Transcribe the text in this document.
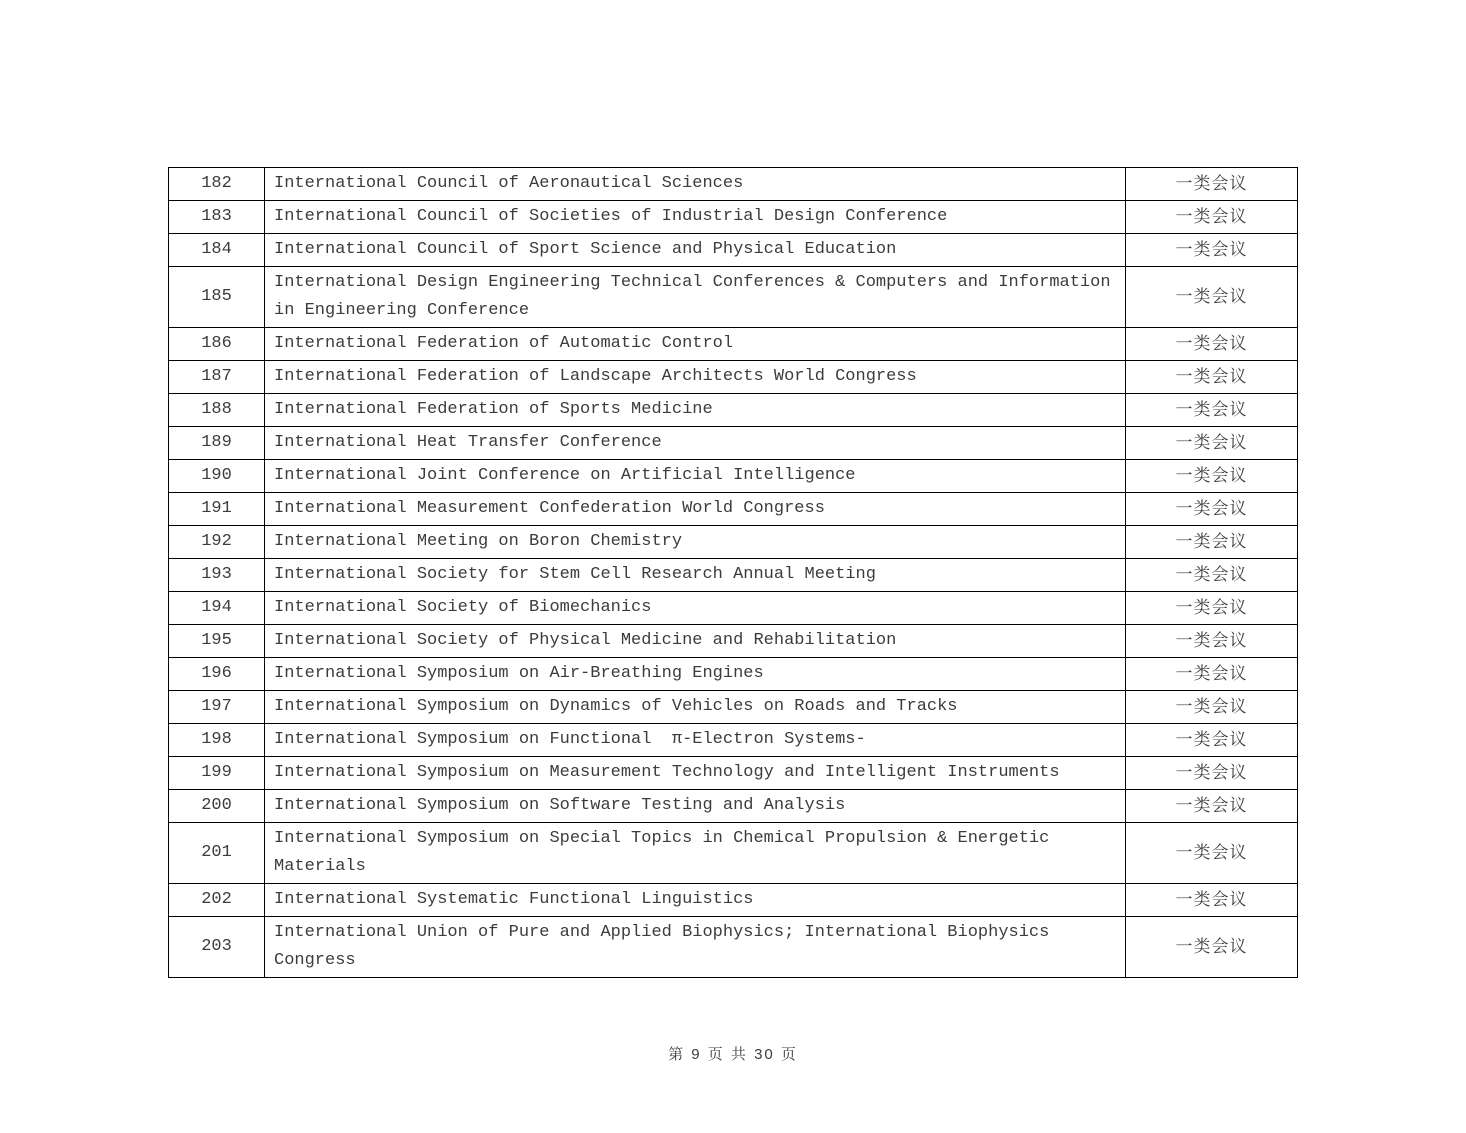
182	International Council of Aeronautical Sciences	一类会议
183	International Council of Societies of Industrial Design Conference	一类会议
184	International Council of Sport Science and Physical Education	一类会议
185	International Design Engineering Technical Conferences & Computers and Information in Engineering Conference	一类会议
186	International Federation of Automatic Control	一类会议
187	International Federation of Landscape Architects World Congress	一类会议
188	International Federation of Sports Medicine	一类会议
189	International Heat Transfer Conference	一类会议
190	International Joint Conference on Artificial Intelligence	一类会议
191	International Measurement Confederation World Congress	一类会议
192	International Meeting on Boron Chemistry	一类会议
193	International Society for Stem Cell Research Annual Meeting	一类会议
194	International Society of Biomechanics	一类会议
195	International Society of Physical Medicine and Rehabilitation	一类会议
196	International Symposium on Air-Breathing Engines	一类会议
197	International Symposium on Dynamics of Vehicles on Roads and Tracks	一类会议
198	International Symposium on Functional  π-Electron Systems-	一类会议
199	International Symposium on Measurement Technology and Intelligent Instruments	一类会议
200	International Symposium on Software Testing and Analysis	一类会议
201	International Symposium on Special Topics in Chemical Propulsion & Energetic Materials	一类会议
202	International Systematic Functional Linguistics	一类会议
203	International Union of Pure and Applied Biophysics; International Biophysics Congress	一类会议
第 9 页 共 30 页
